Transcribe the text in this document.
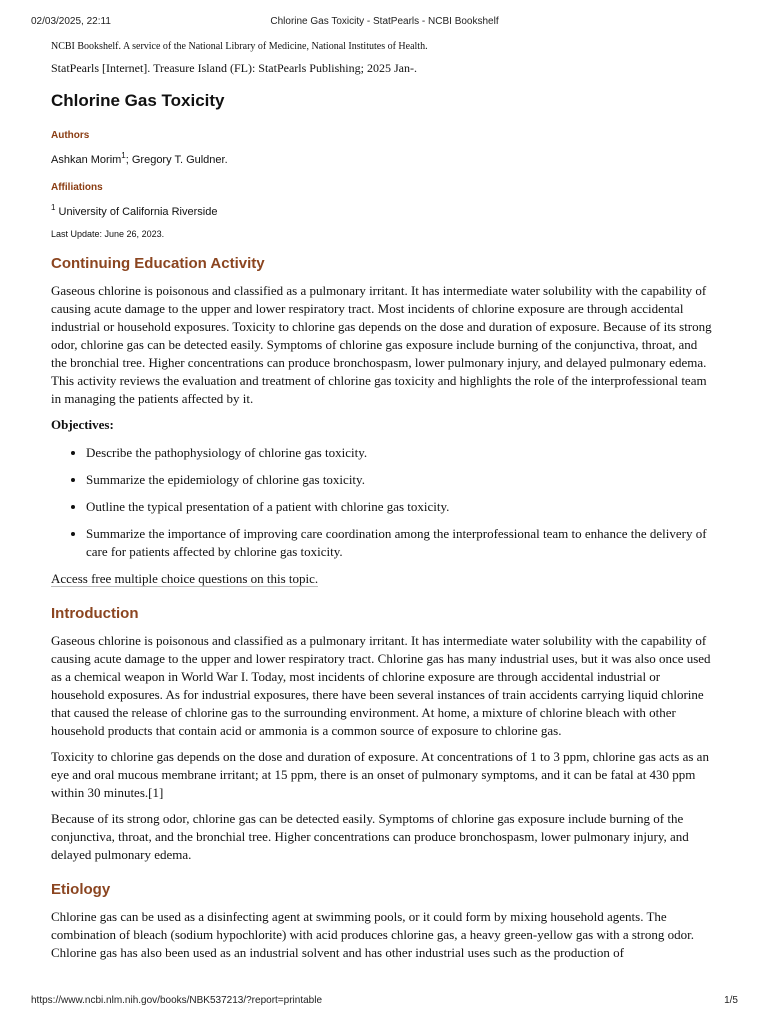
02/03/2025, 22:11	Chlorine Gas Toxicity - StatPearls - NCBI Bookshelf

NCBI Bookshelf. A service of the National Library of Medicine, National Institutes of Health.

StatPearls [Internet]. Treasure Island (FL): StatPearls Publishing; 2025 Jan-.

Chlorine Gas Toxicity
Authors
Ashkan Morim$^1$; Gregory T. Guldner.
Affiliations
$^1$ University of California Riverside
Last Update: June 26, 2023.
Continuing Education Activity

Gaseous chlorine is poisonous and classified as a pulmonary irritant. It has intermediate water solubility with the capability of causing acute damage to the upper and lower respiratory tract. Most incidents of chlorine exposure are through accidental industrial or household exposures. Toxicity to chlorine gas depends on the dose and duration of exposure. Because of its strong odor, chlorine gas can be detected easily. Symptoms of chlorine gas exposure include burning of the conjunctiva, throat, and the bronchial tree. Higher concentrations can produce bronchospasm, lower pulmonary injury, and delayed pulmonary edema. This activity reviews the evaluation and treatment of chlorine gas toxicity and highlights the role of the interprofessional team in managing the patients affected by it.

Objectives:

• Describe the pathophysiology of chlorine gas toxicity.
• Summarize the epidemiology of chlorine gas toxicity.
• Outline the typical presentation of a patient with chlorine gas toxicity.
• Summarize the importance of improving care coordination among the interprofessional team to enhance the delivery of care for patients affected by chlorine gas toxicity.
Access free multiple choice questions on this topic.
Introduction

Gaseous chlorine is poisonous and classified as a pulmonary irritant. It has intermediate water solubility with the capability of causing acute damage to the upper and lower respiratory tract. Chlorine gas has many industrial uses, but it was also once used as a chemical weapon in World War I. Today, most incidents of chlorine exposure are through accidental industrial or household exposures. As for industrial exposures, there have been several instances of train accidents carrying liquid chlorine that caused the release of chlorine gas to the surrounding environment. At home, a mixture of chlorine bleach with other household products that contain acid or ammonia is a common source of exposure to chlorine gas.

Toxicity to chlorine gas depends on the dose and duration of exposure. At concentrations of 1 to 3 ppm, chlorine gas acts as an eye and oral mucous membrane irritant; at 15 ppm, there is an onset of pulmonary symptoms, and it can be fatal at 430 ppm within 30 minutes.[1]

Because of its strong odor, chlorine gas can be detected easily. Symptoms of chlorine gas exposure include burning of the conjunctiva, throat, and the bronchial tree. Higher concentrations can produce bronchospasm, lower pulmonary injury, and delayed pulmonary edema.

Etiology

Chlorine gas can be used as a disinfecting agent at swimming pools, or it could form by mixing household agents. The combination of bleach (sodium hypochlorite) with acid produces chlorine gas, a heavy green-yellow gas with a strong odor. Chlorine gas has also been used as an industrial solvent and has other industrial uses such as the production of

https://www.ncbi.nlm.nih.gov/books/NBK537213/?report=printable	1/5
